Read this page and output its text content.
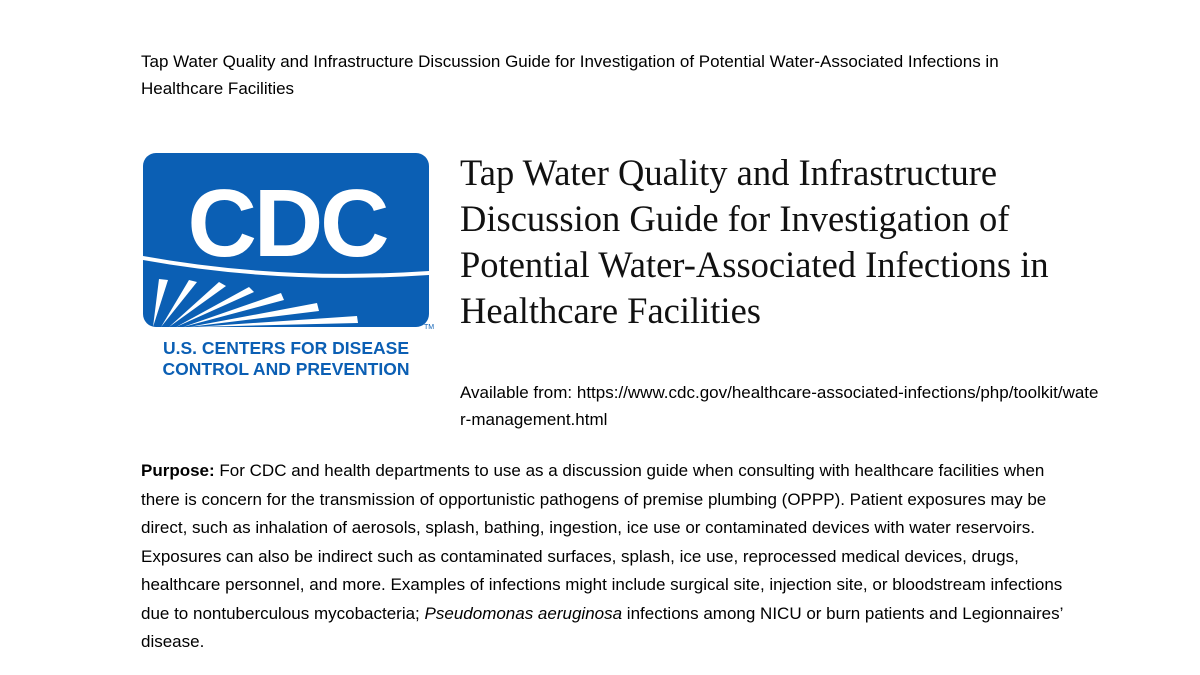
Tap Water Quality and Infrastructure Discussion Guide for Investigation of Potential Water-Associated Infections in Healthcare Facilities
CDC
TM
U.S. CENTERS FOR DISEASE
CONTROL AND PREVENTION
Tap Water Quality and Infrastructure Discussion Guide for Investigation of Potential Water-Associated Infections in Healthcare Facilities
Available from: https://www.cdc.gov/healthcare-associated-infections/php/toolkit/water-management.html
Purpose: For CDC and health departments to use as a discussion guide when consulting with healthcare facilities when there is concern for the transmission of opportunistic pathogens of premise plumbing (OPPP). Patient exposures may be direct, such as inhalation of aerosols, splash, bathing, ingestion, ice use or contaminated devices with water reservoirs. Exposures can also be indirect such as contaminated surfaces, splash, ice use, reprocessed medical devices, drugs, healthcare personnel, and more. Examples of infections might include surgical site, injection site, or bloodstream infections due to nontuberculous mycobacteria; Pseudomonas aeruginosa infections among NICU or burn patients and Legionnaires’ disease.
